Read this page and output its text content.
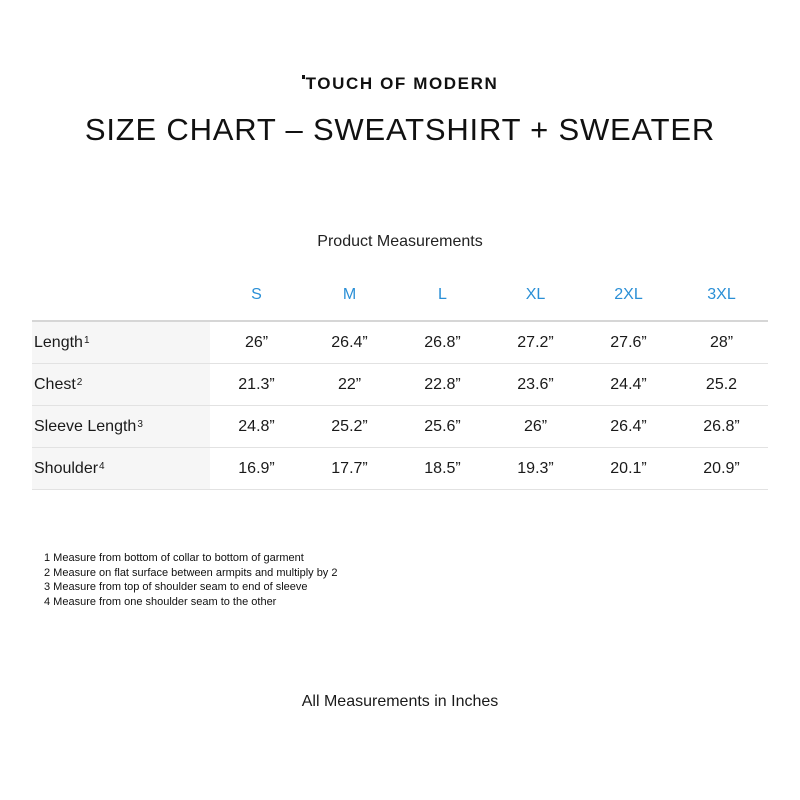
TOUCH OF MODERN
SIZE CHART – SWEATSHIRT + SWEATER
Product Measurements
	S	M	L	XL	2XL	3XL
Length$^1$	26”	26.4”	26.8”	27.2”	27.6”	28”
Chest$^2$	21.3”	22”	22.8”	23.6”	24.4”	25.2
Sleeve Length$^3$	24.8”	25.2”	25.6”	26”	26.4”	26.8”
Shoulder$^4$	16.9”	17.7”	18.5”	19.3”	20.1”	20.9”
1 Measure from bottom of collar to bottom of garment
2 Measure on flat surface between armpits and multiply by 2
3 Measure from top of shoulder seam to end of sleeve
4 Measure from one shoulder seam to the other
All Measurements in Inches
